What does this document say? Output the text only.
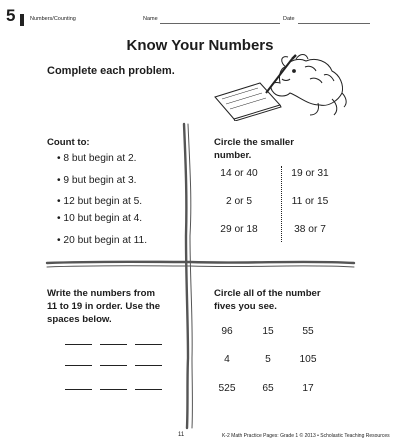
5	Numbers/Counting	Name	Date
Know Your Numbers
Complete each problem.
Count to:
• 8 but begin at 2.
• 9 but begin at 3.
• 12 but begin at 5.
• 10 but begin at 4.
• 20 but begin at 11.
Circle the smaller
number.
14 or 40	19 or 31
2 or 5	11 or 15
29 or 18	38 or 7
Write the numbers from
11 to 19 in order. Use the
spaces below.
Circle all of the number
fives you see.
96	15	55
4	5	105
525	65	17
11	K-2 Math Practice Pages: Grade 1 © 2013 • Scholastic Teaching Resources
